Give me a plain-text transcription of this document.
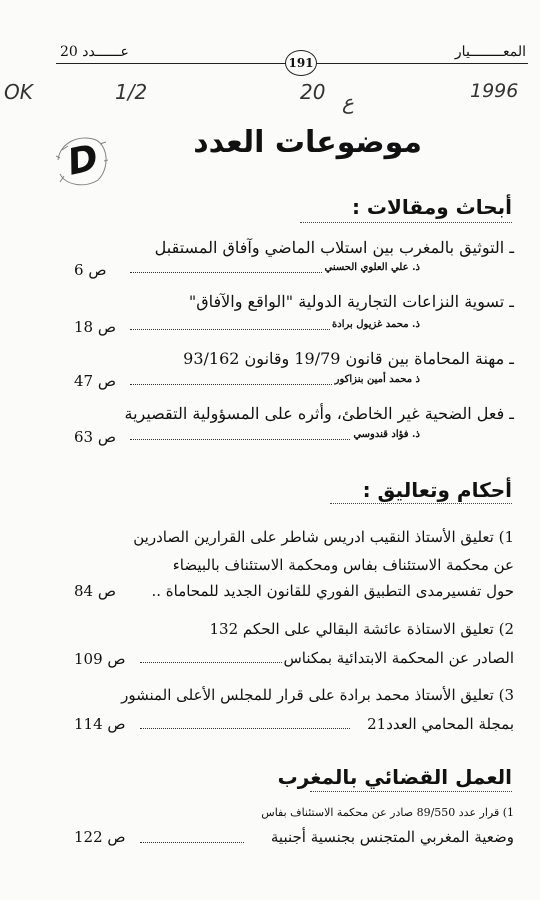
المعــــــــيار
عــــــدد 20
191
OK	1/2	20 ع	1996
D	موضوعات العدد
أبحاث ومقالات :
ـ التوثيق بالمغرب بين استلاب الماضي وآفاق المستقبل
ذ. علي العلوي الحسني
ص 6
ـ تسوية النزاعات التجارية الدولية "الواقع والآفاق"
ذ. محمد غزيول برادة
ص 18
ـ مهنة المحاماة بين قانون 19/79 وقانون 93/162
ذ محمد أمين بنزاكور
ص 47
ـ فعل الضحية غير الخاطئ، وأثره على المسؤولية التقصيرية
ذ. فؤاد قندوسي
ص 63
أحكام وتعاليق :
1) تعليق الأستاذ النقيب ادريس شاطر على القرارين الصادرين
عن محكمة الاستئناف بفاس ومحكمة الاستئناف بالبيضاء
حول تفسيرمدى التطبيق الفوري للقانون الجديد للمحاماة ..
ص 84
2) تعليق الاستاذة عائشة البقالي على الحكم 132
الصادر عن المحكمة الابتدائية بمكناس
ص 109
3) تعليق الأستاذ محمد برادة على قرار للمجلس الأعلى المنشور
بمجلة المحامي العدد21
ص 114
العمل القضائي بالمغرب
1) قرار عدد 89/550 صادر عن محكمة الاستئناف بفاس
وضعية المغربي المتجنس بجنسية أجنبية
ص 122
